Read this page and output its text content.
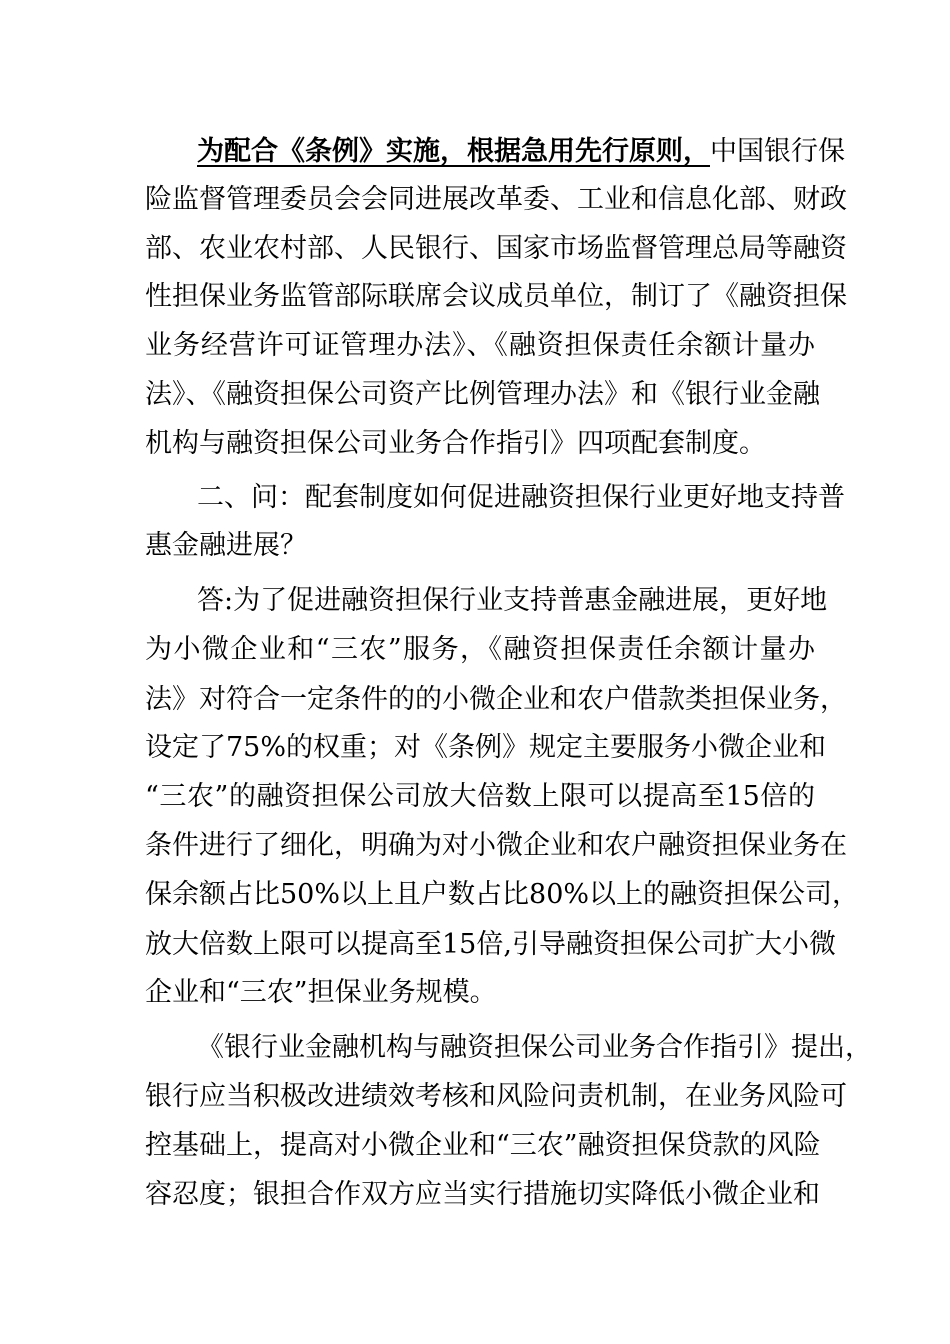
为配合《条例》实施，根据急用先行原则，中国银行保
险监督管理委员会会同进展改革委、工业和信息化部、财政
部、农业农村部、人民银行、国家市场监督管理总局等融资
性担保业务监管部际联席会议成员单位，制订了《融资担保
业务经营许可证管理办法》、《融资担保责任余额计量办
法》、《融资担保公司资产比例管理办法》和《银行业金融
机构与融资担保公司业务合作指引》四项配套制度。
二、问：配套制度如何促进融资担保行业更好地支持普
惠金融进展？
答:为了促进融资担保行业支持普惠金融进展，更好地
为小微企业和“三农”服务，《融资担保责任余额计量办
法》对符合一定条件的的小微企业和农户借款类担保业务，
设定了75%的权重；对《条例》规定主要服务小微企业和
“三农”的融资担保公司放大倍数上限可以提高至15倍的
条件进行了细化，明确为对小微企业和农户融资担保业务在
保余额占比50%以上且户数占比80%以上的融资担保公司，
放大倍数上限可以提高至15倍,引导融资担保公司扩大小微
企业和“三农”担保业务规模。
《银行业金融机构与融资担保公司业务合作指引》提出，
银行应当积极改进绩效考核和风险问责机制，在业务风险可
控基础上，提高对小微企业和“三农”融资担保贷款的风险
容忍度；银担合作双方应当实行措施切实降低小微企业和
